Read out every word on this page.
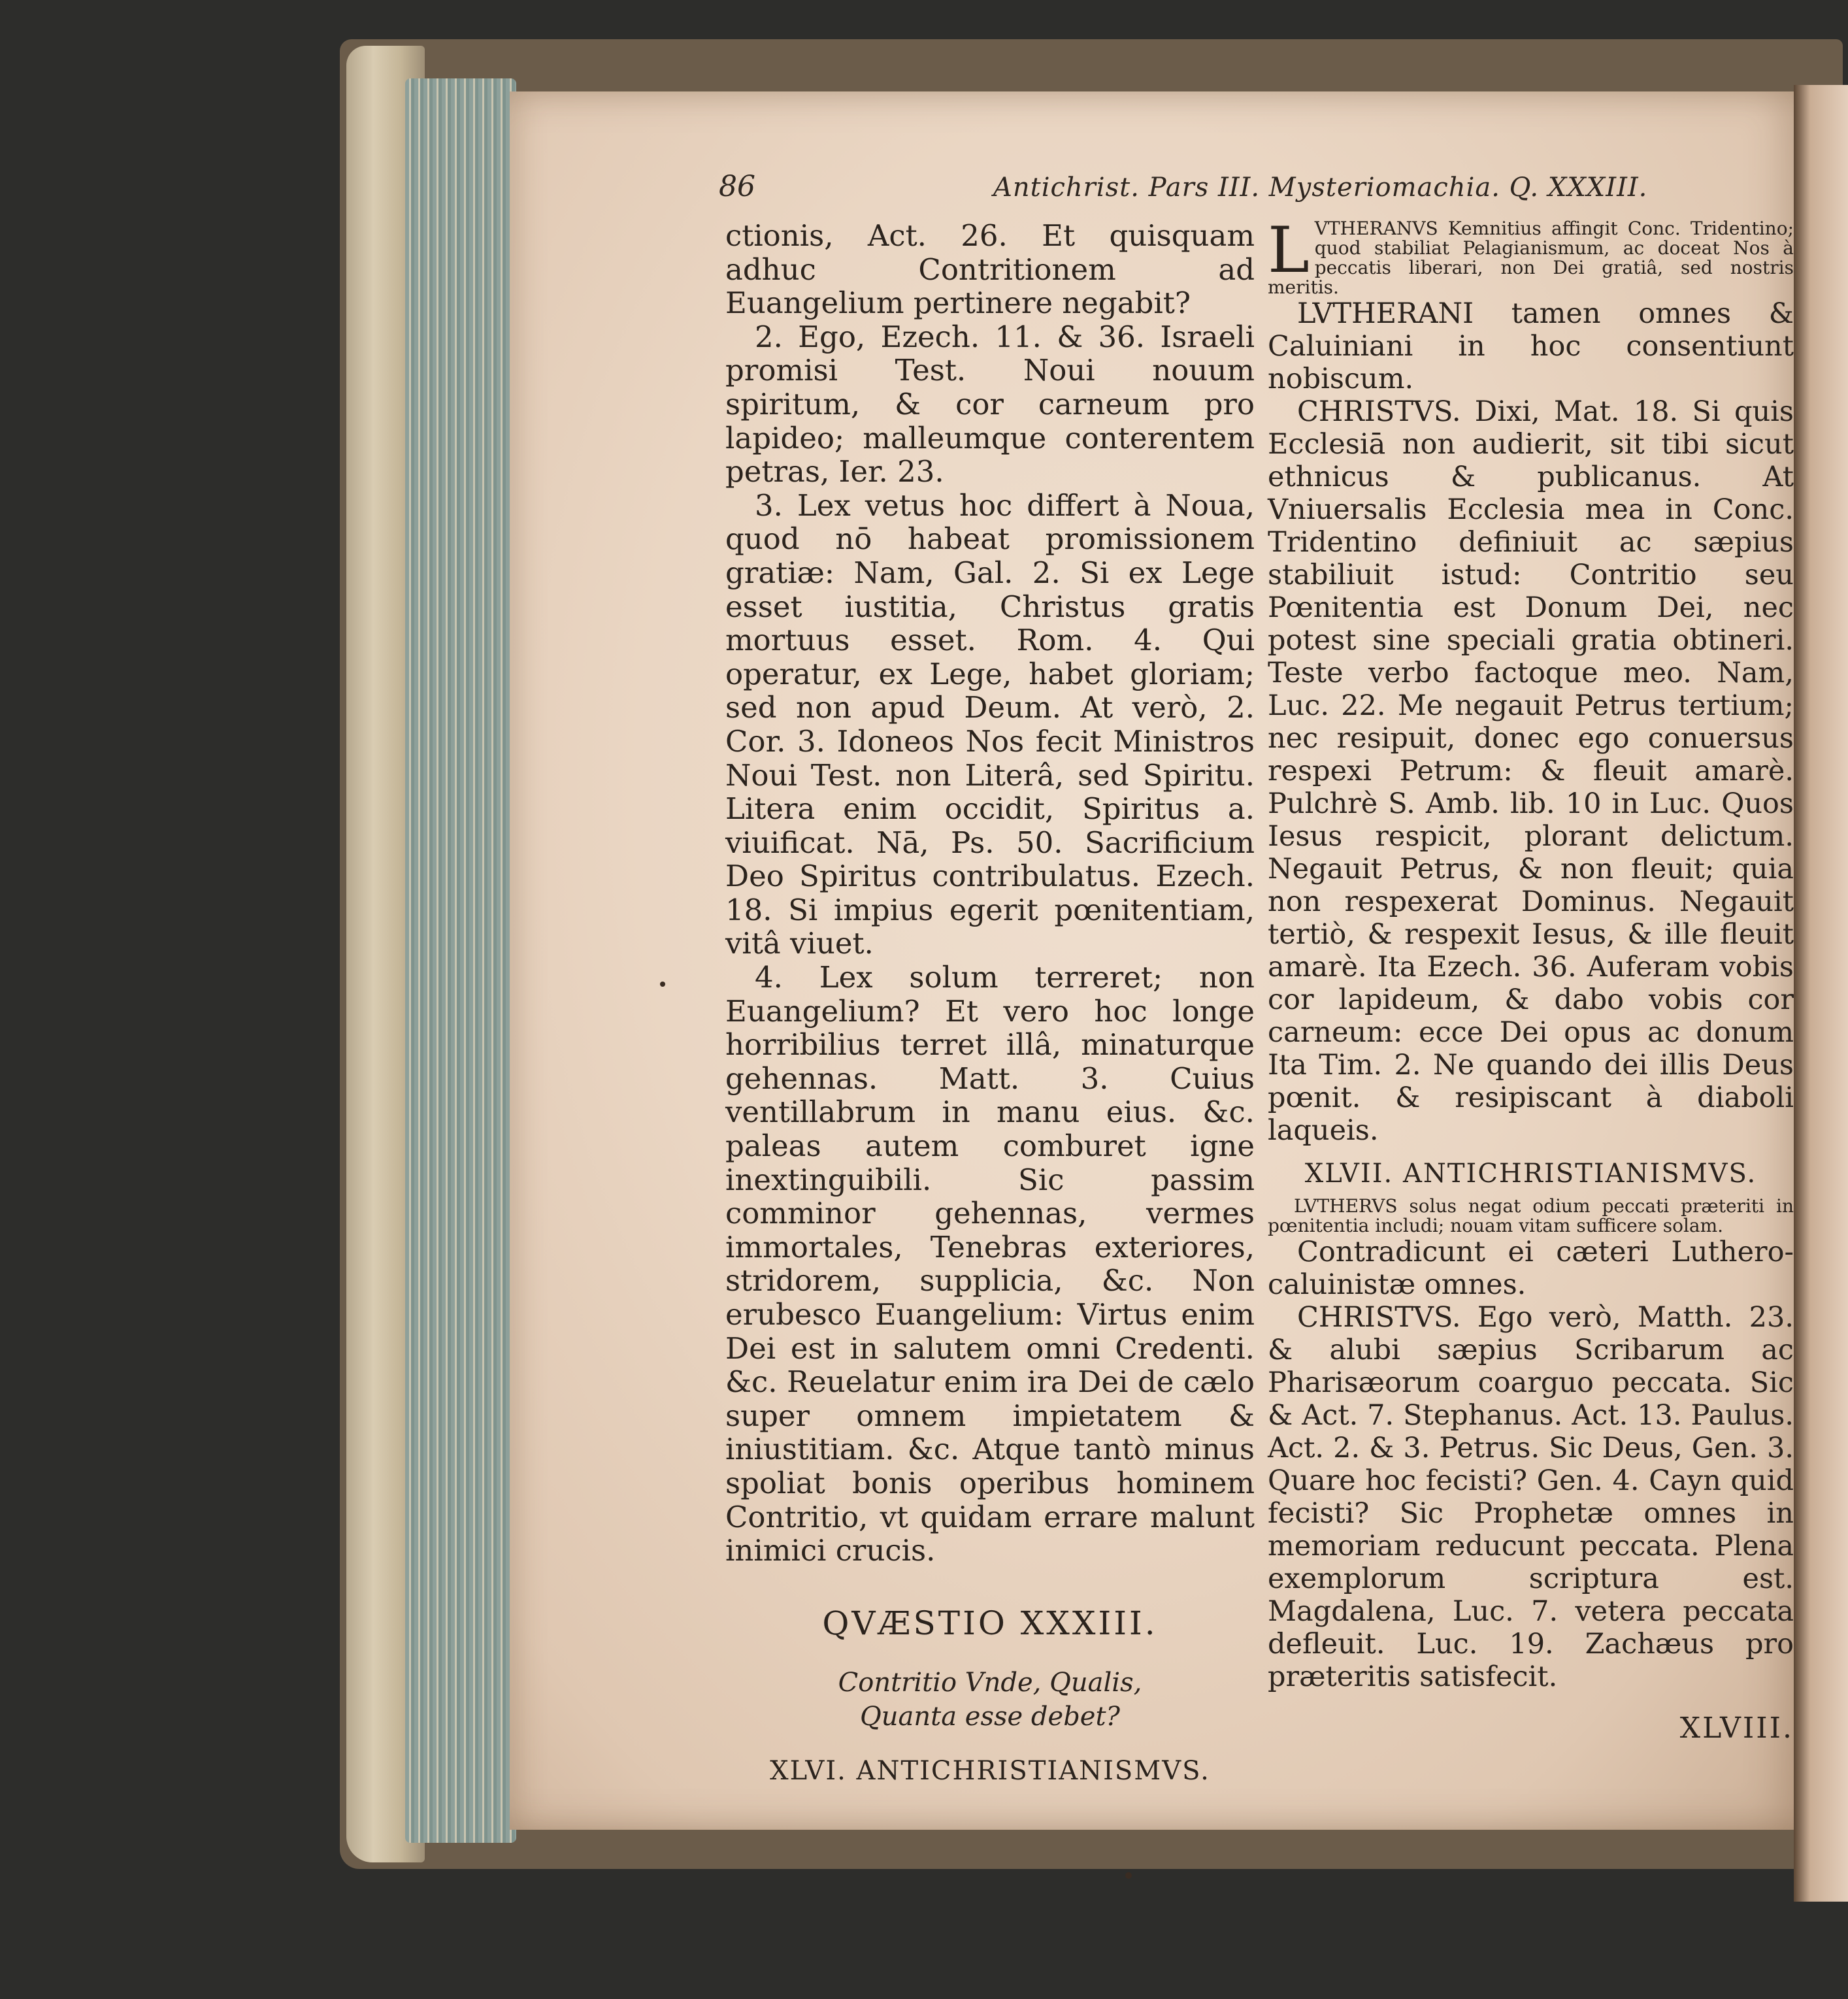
86	Antichrist. Pars III. Mysteriomachia. Q. XXXIII.

ctionis, Act. 26. Et quisquam adhuc Contritionem ad Euangelium pertinere negabit?

2. Ego, Ezech. 11. & 36. Israeli promisi Test. Noui nouum spiritum, & cor carneum pro lapideo; malleumque conterentem petras, Ier. 23.

3. Lex vetus hoc differt à Noua, quod nō habeat promissionem gratiæ: Nam, Gal. 2. Si ex Lege esset iustitia, Christus gratis mortuus esset. Rom. 4. Qui operatur, ex Lege, habet gloriam; sed non apud Deum. At verò, 2. Cor. 3. Idoneos Nos fecit Ministros Noui Test. non Literâ, sed Spiritu. Litera enim occidit, Spiritus a. viuificat. Nā, Ps. 50. Sacrificium Deo Spiritus contribulatus. Ezech. 18. Si impius egerit pœnitentiam, vitâ viuet.

4. Lex solum terreret; non Euangelium? Et vero hoc longe horribilius terret illâ, minaturque gehennas. Matt. 3. Cuius ventillabrum in manu eius. &c. paleas autem comburet igne inextinguibili. Sic passim comminor gehennas, vermes immortales, Tenebras exteriores, stridorem, supplicia, &c. Non erubesco Euangelium: Virtus enim Dei est in salutem omni Credenti. &c. Reuelatur enim ira Dei de cælo super omnem impietatem & iniustitiam. &c. Atque tantò minus spoliat bonis operibus hominem Contritio, vt quidam errare malunt inimici crucis.

QVÆSTIO XXXIII.
Contritio Vnde, Qualis, Quanta esse debet?
XLVI. ANTICHRISTIANISMVS.

LVTHERANVS Kemnitius affingit Conc. Tridentino; quod stabiliat Pelagianismum, ac doceat Nos à peccatis liberari, non Dei gratiâ, sed nostris meritis.

LVTHERANI tamen omnes & Caluiniani in hoc consentiunt nobiscum.

CHRISTVS. Dixi, Mat. 18. Si quis Ecclesiā non audierit, sit tibi sicut ethnicus & publicanus. At Vniuersalis Ecclesia mea in Conc. Tridentino definiuit ac sæpius stabiliuit istud: Contritio seu Pœnitentia est Donum Dei, nec potest sine speciali gratia obtineri. Teste verbo factoque meo. Nam, Luc. 22. Me negauit Petrus tertium; nec resipuit, donec ego conuersus respexi Petrum: & fleuit amarè. Pulchrè S. Amb. lib. 10 in Luc. Quos Iesus respicit, plorant delictum. Negauit Petrus, & non fleuit; quia non respexerat Dominus. Negauit tertiò, & respexit Iesus, & ille fleuit amarè. Ita Ezech. 36. Auferam vobis cor lapideum, & dabo vobis cor carneum: ecce Dei opus ac donum Ita Tim. 2. Ne quando dei illis Deus pœnit. & resipiscant à diaboli laqueis.

XLVII. ANTICHRISTIANISMVS.

LVTHERVS solus negat odium peccati præteriti in pœnitentia includi; nouam vitam sufficere solam.

Contradicunt ei cæteri Luthero-caluinistæ omnes.

CHRISTVS. Ego verò, Matth. 23. & alubi sæpius Scribarum ac Pharisæorum coarguo peccata. Sic & Act. 7. Stephanus. Act. 13. Paulus. Act. 2. & 3. Petrus. Sic Deus, Gen. 3. Quare hoc fecisti? Gen. 4. Cayn quid fecisti? Sic Prophetæ omnes in memoriam reducunt peccata. Plena exemplorum scriptura est. Magdalena, Luc. 7. vetera peccata defleuit. Luc. 19. Zachæus pro præteritis satisfecit.

XLVIII.
